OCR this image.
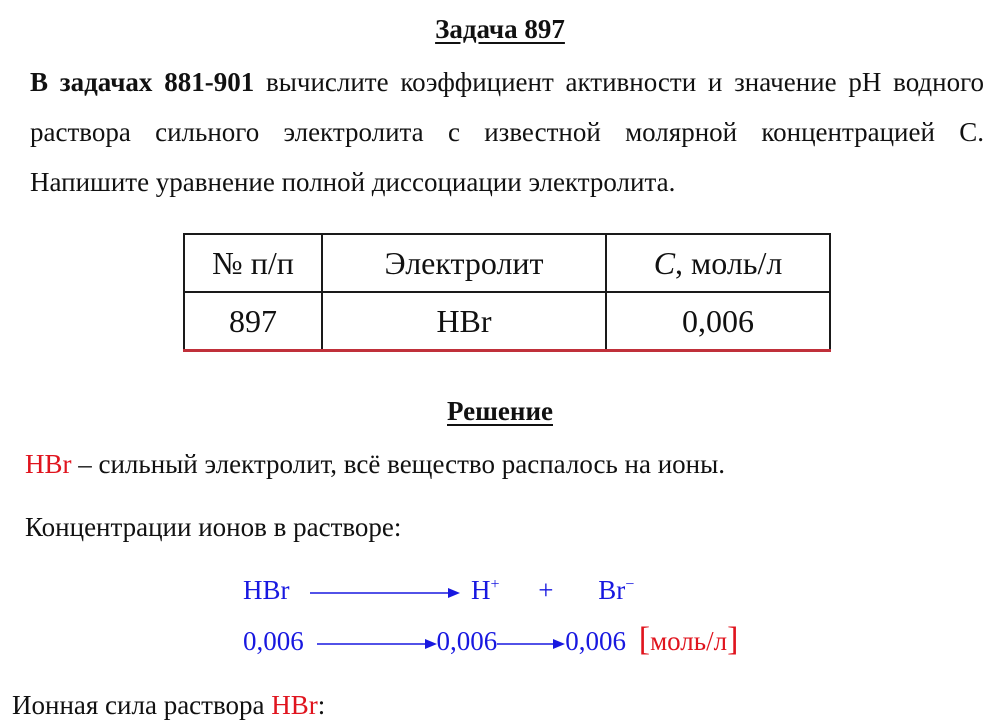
Задача 897
В задачах 881-901 вычислите коэффициент активности и значение pH водного
раствора сильного электролита с известной молярной концентрацией С.
Напишите уравнение полной диссоциации электролита.
№ п/п	Электролит	C, моль/л
897	HBr	0,006
Решение
HBr – сильный электролит, всё вещество распалось на ионы.
Концентрации ионов в растворе:
HBr	H+ + Br−
0,006	0,006→0,006 [моль/л]
Ионная сила раствора HBr:
